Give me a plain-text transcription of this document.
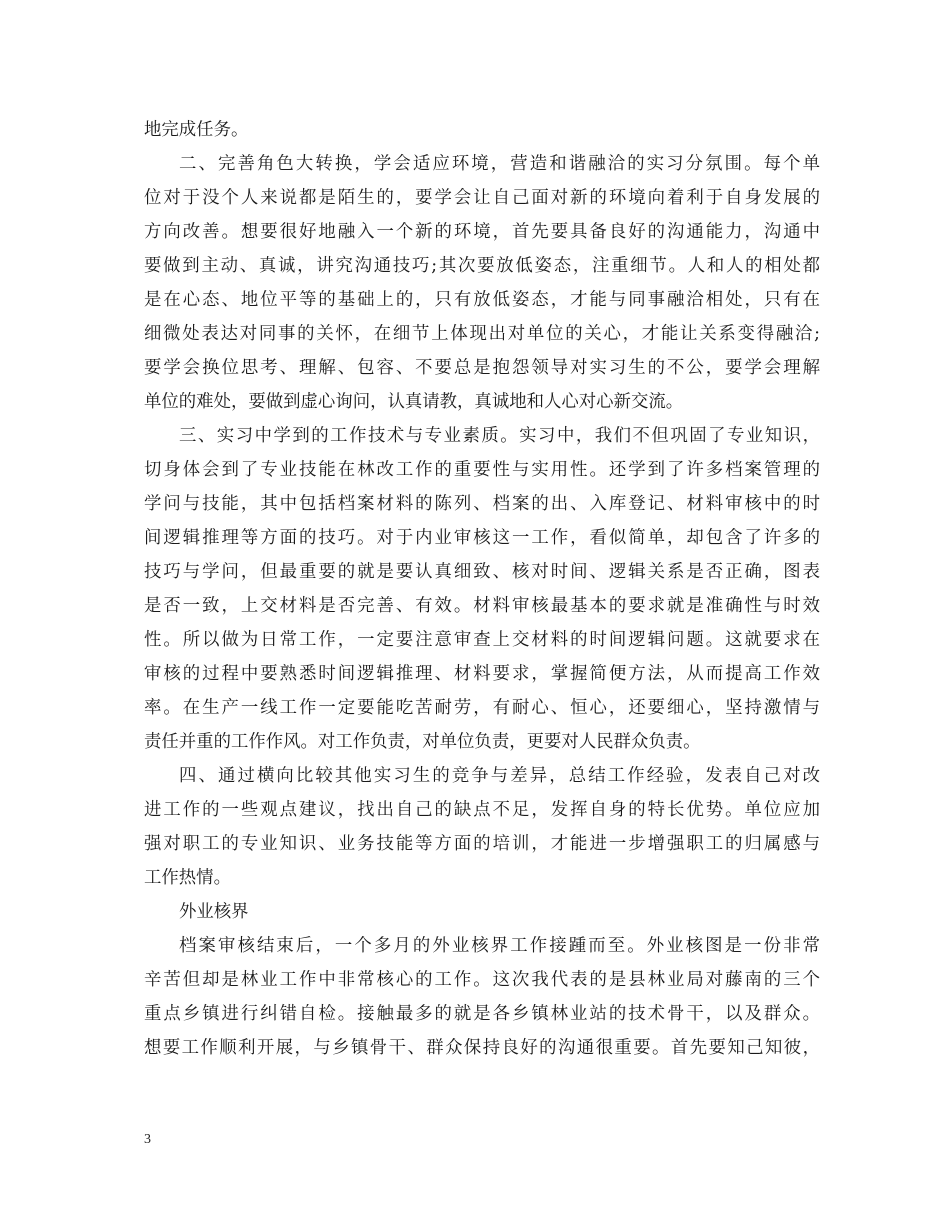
地完成任务。
二、完善角色大转换，学会适应环境，营造和谐融洽的实习分氛围。每个单
位对于没个人来说都是陌生的，要学会让自己面对新的环境向着利于自身发展的
方向改善。想要很好地融入一个新的环境，首先要具备良好的沟通能力，沟通中
要做到主动、真诚，讲究沟通技巧;其次要放低姿态，注重细节。人和人的相处都
是在心态、地位平等的基础上的，只有放低姿态，才能与同事融洽相处，只有在
细微处表达对同事的关怀，在细节上体现出对单位的关心，才能让关系变得融洽;
要学会换位思考、理解、包容、不要总是抱怨领导对实习生的不公，要学会理解
单位的难处，要做到虚心询问，认真请教，真诚地和人心对心新交流。
三、实习中学到的工作技术与专业素质。实习中，我们不但巩固了专业知识，
切身体会到了专业技能在林改工作的重要性与实用性。还学到了许多档案管理的
学问与技能，其中包括档案材料的陈列、档案的出、入库登记、材料审核中的时
间逻辑推理等方面的技巧。对于内业审核这一工作，看似简单，却包含了许多的
技巧与学问，但最重要的就是要认真细致、核对时间、逻辑关系是否正确，图表
是否一致，上交材料是否完善、有效。材料审核最基本的要求就是准确性与时效
性。所以做为日常工作，一定要注意审查上交材料的时间逻辑问题。这就要求在
审核的过程中要熟悉时间逻辑推理、材料要求，掌握简便方法，从而提高工作效
率。在生产一线工作一定要能吃苦耐劳，有耐心、恒心，还要细心，坚持激情与
责任并重的工作作风。对工作负责，对单位负责，更要对人民群众负责。
四、通过横向比较其他实习生的竞争与差异，总结工作经验，发表自己对改
进工作的一些观点建议，找出自己的缺点不足，发挥自身的特长优势。单位应加
强对职工的专业知识、业务技能等方面的培训，才能进一步增强职工的归属感与
工作热情。
外业核界
档案审核结束后，一个多月的外业核界工作接踵而至。外业核图是一份非常
辛苦但却是林业工作中非常核心的工作。这次我代表的是县林业局对藤南的三个
重点乡镇进行纠错自检。接触最多的就是各乡镇林业站的技术骨干，以及群众。
想要工作顺利开展，与乡镇骨干、群众保持良好的沟通很重要。首先要知己知彼，
3
